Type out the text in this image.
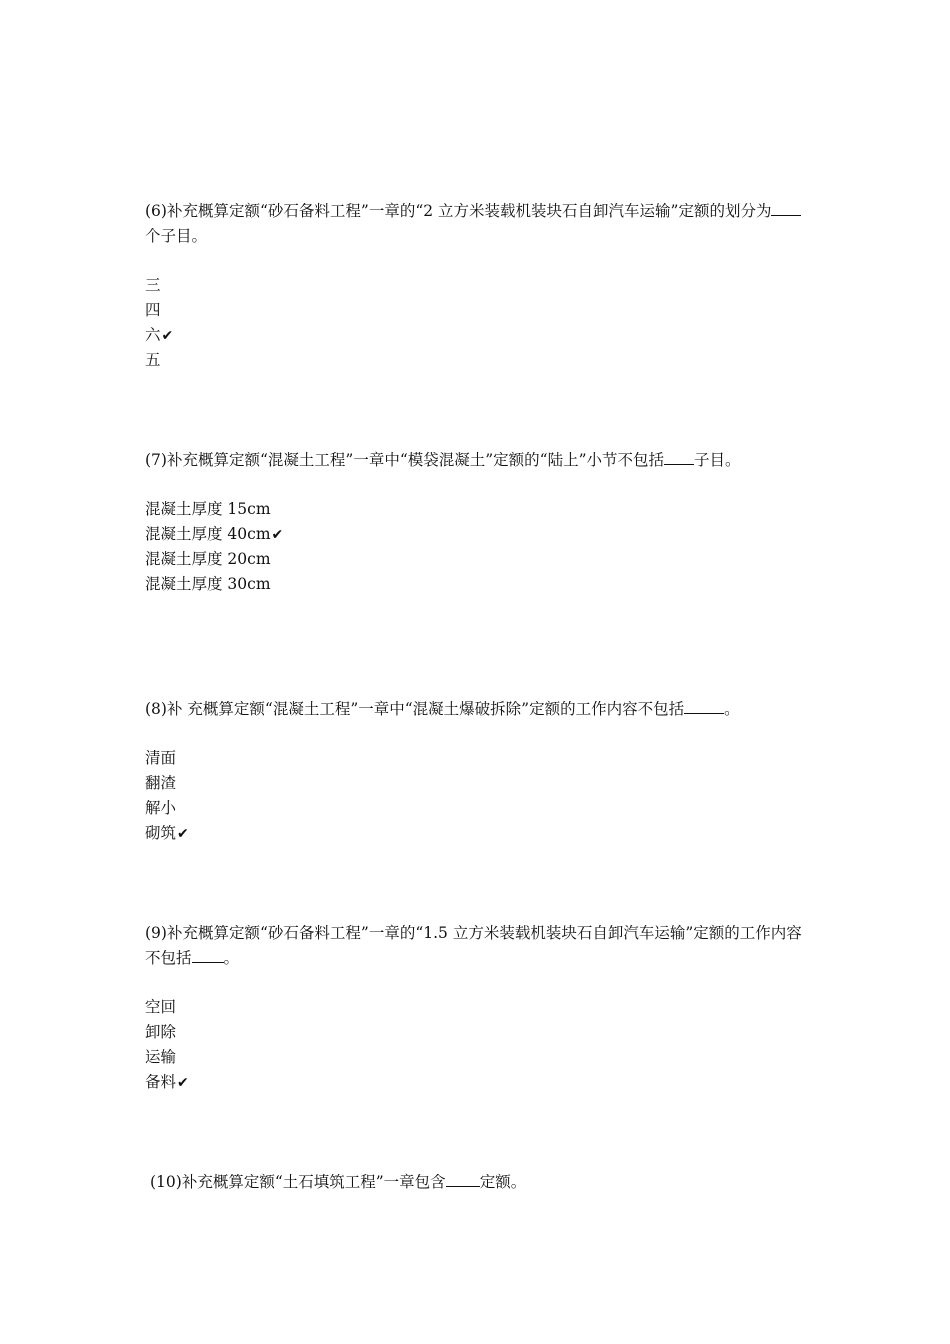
(6)补充概算定额“砂石备料工程”一章的“2 立方米装载机装块石自卸汽车运输”定额的划分为个子目。

三
四
六✔
五

(7)补充概算定额“混凝土工程”一章中“模袋混凝土”定额的“陆上”小节不包括 子目。

混凝土厚度 15cm
混凝土厚度 40cm✔
混凝土厚度 20cm
混凝土厚度 30cm

(8)补 充概算定额“混凝土工程”一章中“混凝土爆破拆除”定额的工作内容不包括	。

清面
翻渣
解小
砌筑✔

(9)补充概算定额“砂石备料工程”一章的“1.5 立方米装载机装块石自卸汽车运输”定额的工作内容不包括 。

空回
卸除
运输
备料✔

(10)补充概算定额“土石填筑工程”一章包含 定额。
